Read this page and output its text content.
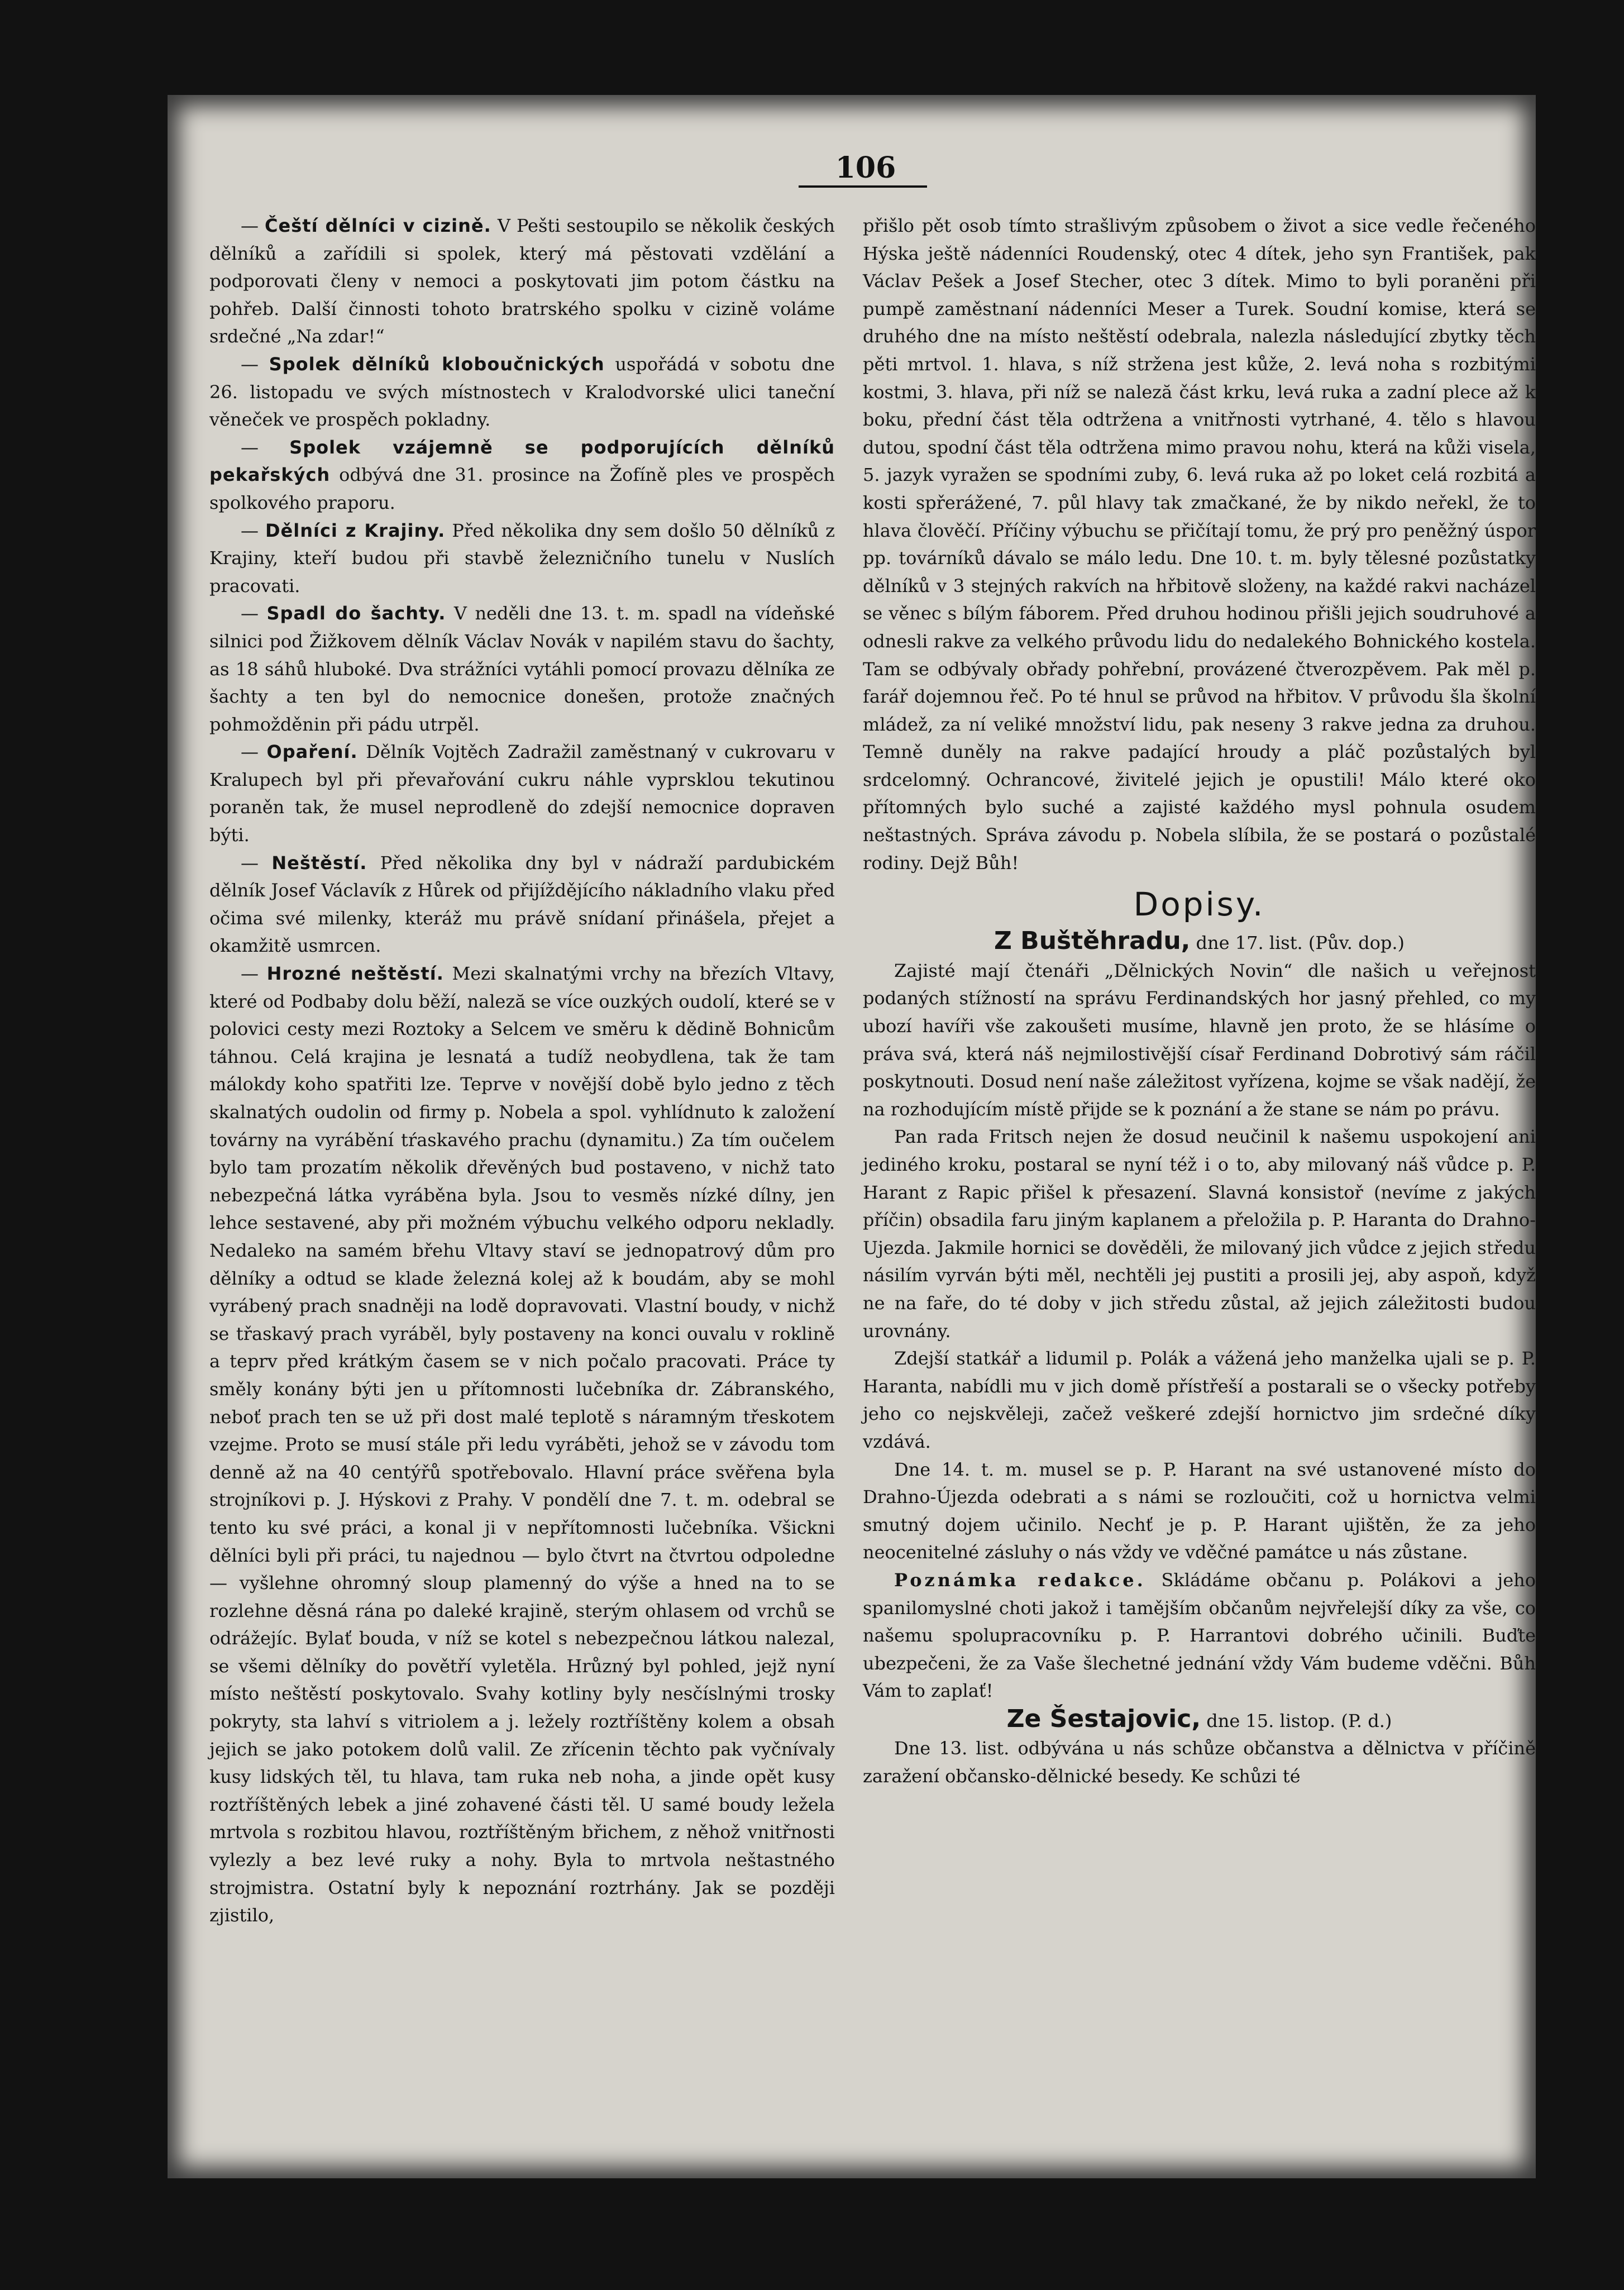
106

— Čeští dělníci v cizině. V Pešti sestoupilo se několik českých dělníků a zařídili si spolek, který má pěstovati vzdělání a podporovati členy v nemoci a poskytovati jim potom částku na pohřeb. Další činnosti tohoto bratrského spolku v cizině voláme srdečné „Na zdar!“

— Spolek dělníků kloboučnických uspořádá v sobotu dne 26. listopadu ve svých místnostech v Kralodvorské ulici taneční věneček ve prospěch pokladny.

— Spolek vzájemně se podporujících dělníků pekařských odbývá dne 31. prosince na Žofíně ples ve prospěch spolkového praporu.

— Dělníci z Krajiny. Před několika dny sem došlo 50 dělníků z Krajiny, kteří budou při stavbě železničního tunelu v Nuslích pracovati.

— Spadl do šachty. V neděli dne 13. t. m. spadl na vídeňské silnici pod Žižkovem dělník Václav Novák v napilém stavu do šachty, as 18 sáhů hluboké. Dva strážníci vytáhli pomocí provazu dělníka ze šachty a ten byl do nemocnice donešen, protože značných pohmožděnin při pádu utrpěl.

— Opaření. Dělník Vojtěch Zadražil zaměstnaný v cukrovaru v Kralupech byl při převařování cukru náhle vyprsklou tekutinou poraněn tak, že musel neprodleně do zdejší nemocnice dopraven býti.

— Neštěstí. Před několika dny byl v nádraží pardubickém dělník Josef Václavík z Hůrek od přijíždějícího nákladního vlaku před očima své milenky, kteráž mu právě snídaní přinášela, přejet a okamžitě usmrcen.

— Hrozné neštěstí. Mezi skalnatými vrchy na březích Vltavy, které od Podbaby dolu běží, naleză se více ouzkých oudolí, které se v polovici cesty mezi Roztoky a Selcem ve směru k dědině Bohnicům táhnou. Celá krajina je lesnatá a tudíž neobydlena, tak že tam málokdy koho spatřiti lze. Teprve v novější době bylo jedno z těch skalnatých oudolin od firmy p. Nobela a spol. vyhlídnuto k založení továrny na vyrábění tŕaskavého prachu (dynamitu.) Za tím oučelem bylo tam prozatím několik dřevěných bud postaveno, v nichž tato nebezpečná látka vyráběna byla. Jsou to vesměs nízké dílny, jen lehce sestavené, aby při možném výbuchu velkého odporu nekladly. Nedaleko na samém břehu Vltavy staví se jednopatrový dům pro dělníky a odtud se klade železná kolej až k boudám, aby se mohl vyrábený prach snadněji na lodě dopravovati. Vlastní boudy, v nichž se třaskavý prach vyráběl, byly postaveny na konci ouvalu v roklině a teprv před krátkým časem se v nich počalo pracovati. Práce ty směly konány býti jen u přítomnosti lučebníka dr. Zábranského, neboť prach ten se už při dost malé teplotě s náramným třeskotem vzejme. Proto se musí stále při ledu vyráběti, jehož se v závodu tom denně až na 40 centýřů spotřebovalo. Hlavní práce svěřena byla strojníkovi p. J. Hýskovi z Prahy. V pondělí dne 7. t. m. odebral se tento ku své práci, a konal ji v nepřítomnosti lučebníka. Všickni dělníci byli při práci, tu najednou — bylo čtvrt na čtvrtou odpoledne — vyšlehne ohromný sloup plamenný do výše a hned na to se rozlehne děsná rána po daleké krajině, sterým ohlasem od vrchů se odrážejíc. Bylať bouda, v níž se kotel s nebezpečnou látkou nalezal, se všemi dělníky do povětří vyletěla. Hrůzný byl pohled, jejž nyní místo neštěstí poskytovalo. Svahy kotliny byly nesčíslnými trosky pokryty, sta lahví s vitriolem a j. ležely roztříštěny kolem a obsah jejich se jako potokem dolů valil. Ze zřícenin těchto pak vyčnívaly kusy lidských těl, tu hlava, tam ruka neb noha, a jinde opět kusy roztříštěných lebek a jiné zohavené části těl. U samé boudy ležela mrtvola s rozbitou hlavou, roztříštěným břichem, z něhož vnitřnosti vylezly a bez levé ruky a nohy. Byla to mrtvola neštastného strojmistra. Ostatní byly k nepoznání roztrhány. Jak se později zjistilo,

přišlo pět osob tímto strašlivým způsobem o život a sice vedle řečeného Hýska ještě nádenníci Roudenský, otec 4 dítek, jeho syn František, pak Václav Pešek a Josef Stecher, otec 3 dítek. Mimo to byli poraněni při pumpě zaměstnaní nádenníci Meser a Turek. Soudní komise, která se druhého dne na místo neštěstí odebrala, nalezla následující zbytky těch pěti mrtvol. 1. hlava, s níž stržena jest kůže, 2. levá noha s rozbitými kostmi, 3. hlava, při níž se naleză část krku, levá ruka a zadní plece až k boku, přední část těla odtržena a vnitřnosti vytrhané, 4. tělo s hlavou dutou, spodní část těla odtržena mimo pravou nohu, která na kůži visela, 5. jazyk vyražen se spodními zuby, 6. levá ruka až po loket celá rozbitá a kosti spřerážené, 7. půl hlavy tak zmačkané, že by nikdo neřekl, že to hlava člověčí. Příčiny výbuchu se přičítají tomu, že prý pro peněžný úspor pp. továrníků dávalo se málo ledu. Dne 10. t. m. byly tělesné pozůstatky dělníků v 3 stejných rakvích na hřbitově složeny, na každé rakvi nacházel se věnec s bílým fáborem. Před druhou hodinou přišli jejich soudruhové a odnesli rakve za velkého průvodu lidu do nedalekého Bohnického kostela. Tam se odbývaly obřady pohřební, provázené čtverozpěvem. Pak měl p. farář dojemnou řeč. Po té hnul se průvod na hřbitov. V průvodu šla školní mládež, za ní veliké množství lidu, pak neseny 3 rakve jedna za druhou. Temně duněly na rakve padající hroudy a pláč pozůstalých byl srdcelomný. Ochrancové, živitelé jejich je opustili! Málo které oko přítomných bylo suché a zajisté každého mysl pohnula osudem neštastných. Správa závodu p. Nobela slíbila, že se postará o pozůstalé rodiny. Dejž Bůh!

Dopisy.

Z Buštěhradu, dne 17. list. (Pův. dop.)

Zajisté mají čtenáři „Dělnických Novin“ dle našich u veřejnost podaných stížností na správu Ferdinandských hor jasný přehled, co my ubozí havíři vše zakoušeti musíme, hlavně jen proto, že se hlásíme o práva svá, která náš nejmilostivější císař Ferdinand Dobrotivý sám ráčil poskytnouti. Dosud není naše záležitost vyřízena, kojme se však nadějí, že na rozhodujícím místě přijde se k poznání a že stane se nám po právu.

Pan rada Fritsch nejen že dosud neučinil k našemu uspokojení ani jediného kroku, postaral se nyní též i o to, aby milovaný náš vůdce p. P. Harant z Rapic přišel k přesazení. Slavná konsistoř (nevíme z jakých příčin) obsadila faru jiným kaplanem a přeložila p. P. Haranta do Drahno-Ujezda. Jakmile hornici se dověděli, že milovaný jich vůdce z jejich středu násilím vyrván býti měl, nechtěli jej pustiti a prosili jej, aby aspoň, když ne na faře, do té doby v jich středu zůstal, až jejich záležitosti budou urovnány.

Zdejší statkář a lidumil p. Polák a vážená jeho manželka ujali se p. P. Haranta, nabídli mu v jich domě přístřeší a postarali se o všecky potřeby jeho co nejskvěleji, začež veškeré zdejší hornictvo jim srdečné díky vzdává.

Dne 14. t. m. musel se p. P. Harant na své ustanovené místo do Drahno-Újezda odebrati a s námi se rozloučiti, což u hornictva velmi smutný dojem učinilo. Nechť je p. P. Harant ujištěn, že za jeho neocenitelné zásluhy o nás vždy ve vděčné památce u nás zůstane.

Poznámka redakce. Skládáme občanu p. Polákovi a jeho spanilomyslné choti jakož i tamějším občanům nejvřelejší díky za vše, co našemu spolupracovníku p. P. Harrantovi dobrého učinili. Buďte ubezpečeni, že za Vaše šlechetné jednání vždy Vám budeme vděčni. Bůh Vám to zaplať!

Ze Šestajovic, dne 15. listop. (P. d.)

Dne 13. list. odbývána u nás schůze občanstva a dělnictva v příčině zaražení občansko-dělnické besedy. Ke schůzi té
